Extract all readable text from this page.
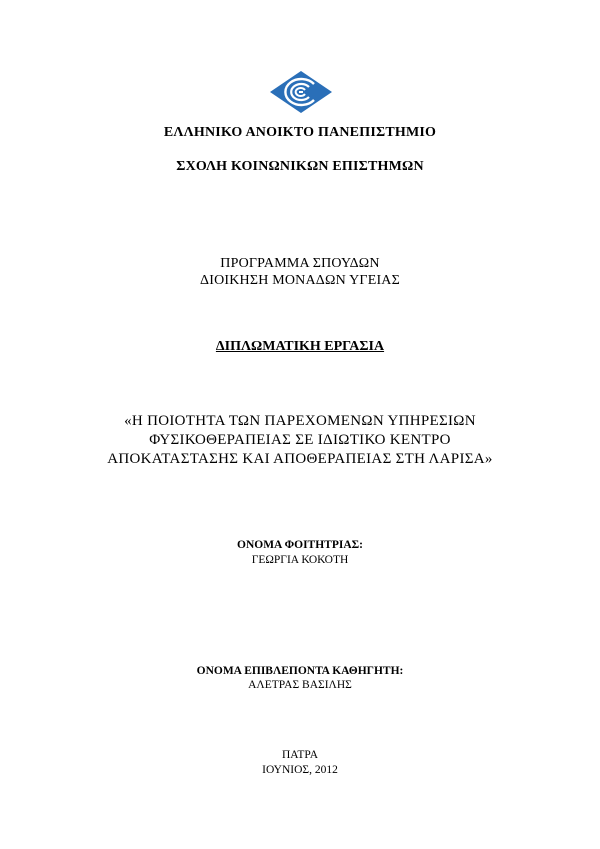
ΕΛΛΗΝΙΚΟ ΑΝΟΙΚΤΟ ΠΑΝΕΠΙΣΤΗΜΙΟ
ΣΧΟΛΗ ΚΟΙΝΩΝΙΚΩΝ ΕΠΙΣΤΗΜΩΝ
ΠΡΟΓΡΑΜΜΑ ΣΠΟΥΔΩΝ
ΔΙΟΙΚΗΣΗ ΜΟΝΑΔΩΝ ΥΓΕΙΑΣ
ΔΙΠΛΩΜΑΤΙΚΗ ΕΡΓΑΣΙΑ
«Η ΠΟΙΟΤΗΤΑ ΤΩΝ ΠΑΡΕΧΟΜΕΝΩΝ ΥΠΗΡΕΣΙΩΝ
ΦΥΣΙΚΟΘΕΡΑΠΕΙΑΣ ΣΕ ΙΔΙΩΤΙΚΟ ΚΕΝΤΡΟ
ΑΠΟΚΑΤΑΣΤΑΣΗΣ ΚΑΙ ΑΠΟΘΕΡΑΠΕΙΑΣ ΣΤΗ ΛΑΡΙΣΑ»
ΟΝΟΜΑ ΦΟΙΤΗΤΡΙΑΣ:
ΓΕΩΡΓΙΑ ΚΟΚΟΤΗ
ΟΝΟΜΑ ΕΠΙΒΛΕΠΟΝΤΑ ΚΑΘΗΓΗΤΗ:
ΑΛΕΤΡΑΣ ΒΑΣΙΛΗΣ
ΠΑΤΡΑ
ΙΟΥΝΙΟΣ, 2012
